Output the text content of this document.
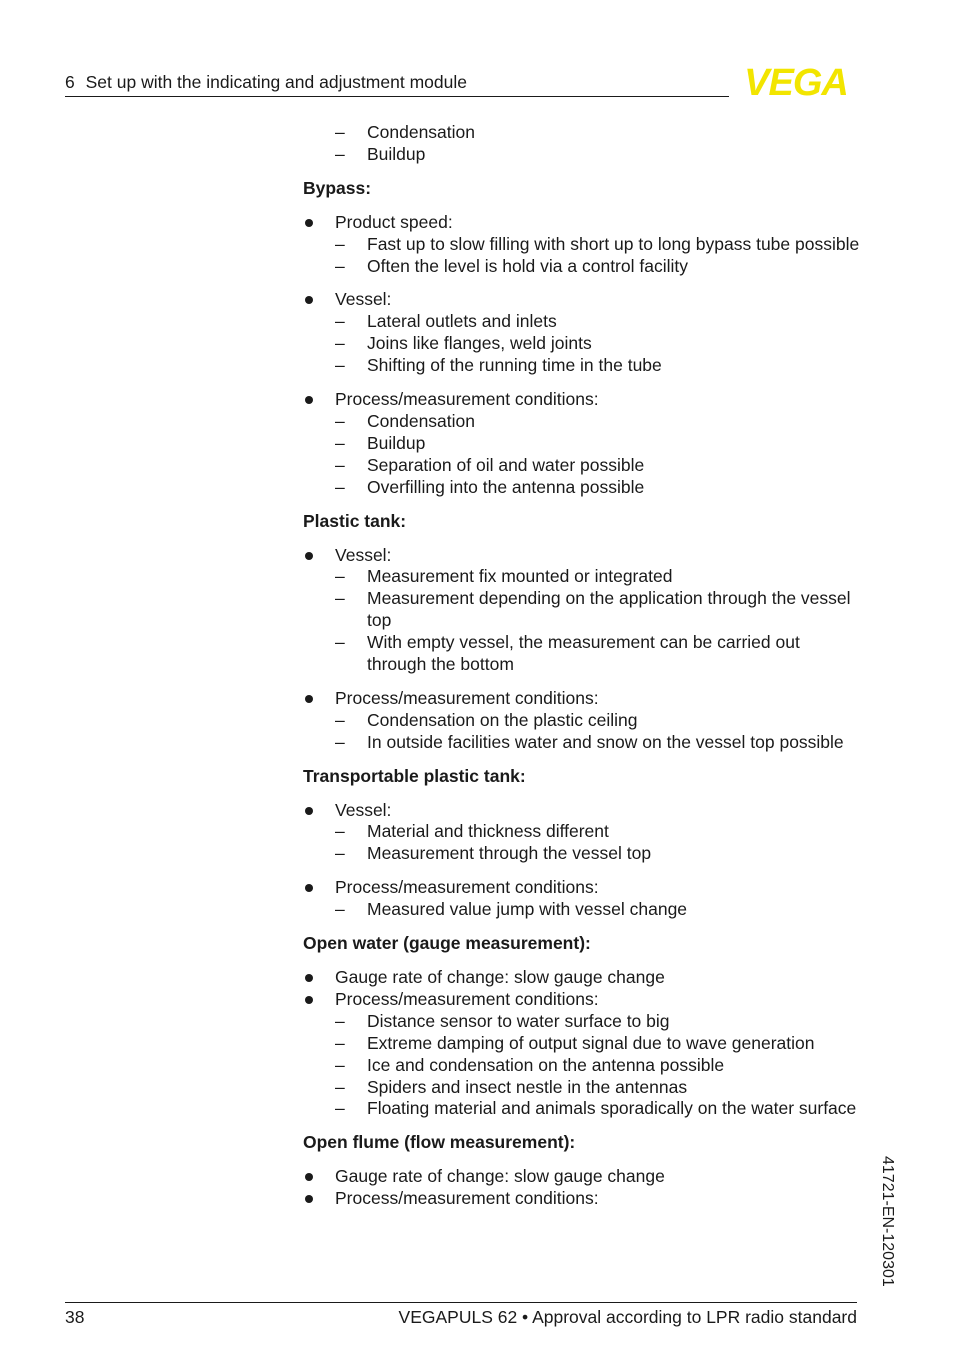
6 Set up with the indicating and adjustment module	VEGA
– Condensation
– Buildup
Bypass:
Product speed:
– Fast up to slow filling with short up to long bypass tube possible
– Often the level is hold via a control facility
Vessel:
– Lateral outlets and inlets
– Joins like flanges, weld joints
– Shifting of the running time in the tube
Process/measurement conditions:
– Condensation
– Buildup
– Separation of oil and water possible
– Overfilling into the antenna possible
Plastic tank:
Vessel:
– Measurement fix mounted or integrated
– Measurement depending on the application through the vessel top
– With empty vessel, the measurement can be carried out through the bottom
Process/measurement conditions:
– Condensation on the plastic ceiling
– In outside facilities water and snow on the vessel top possible
Transportable plastic tank:
Vessel:
– Material and thickness different
– Measurement through the vessel top
Process/measurement conditions:
– Measured value jump with vessel change
Open water (gauge measurement):
Gauge rate of change: slow gauge change
Process/measurement conditions:
– Distance sensor to water surface to big
– Extreme damping of output signal due to wave generation
– Ice and condensation on the antenna possible
– Spiders and insect nestle in the antennas
– Floating material and animals sporadically on the water surface
Open flume (flow measurement):
Gauge rate of change: slow gauge change
Process/measurement conditions:	41721-EN-120301
38	VEGAPULS 62 • Approval according to LPR radio standard
